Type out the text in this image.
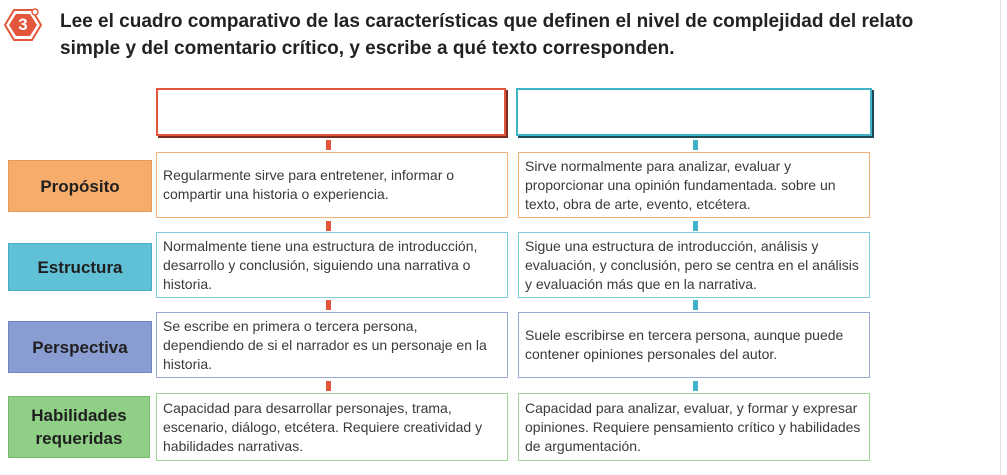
3	Lee el cuadro comparativo de las características que definen el nivel de complejidad del relato simple y del comentario crítico, y escribe a qué texto corresponden.

Propósito
Regularmente sirve para entretener, informar o compartir una historia o experiencia.
Sirve normalmente para analizar, evaluar y proporcionar una opinión fundamentada. sobre un texto, obra de arte, evento, etcétera.
Estructura
Normalmente tiene una estructura de introducción, desarrollo y conclusión, siguiendo una narrativa o historia.
Sigue una estructura de introducción, análisis y evaluación, y conclusión, pero se centra en el análisis y evaluación más que en la narrativa.
Perspectiva
Se escribe en primera o tercera persona, dependiendo de si el narrador es un personaje en la historia.
Suele escribirse en tercera persona, aunque puede contener opiniones personales del autor.
Habilidades requeridas
Capacidad para desarrollar personajes, trama, escenario, diálogo, etcétera. Requiere creatividad y habilidades narrativas.
Capacidad para analizar, evaluar, y formar y expresar opiniones. Requiere pensamiento crítico y habilidades de argumentación.
